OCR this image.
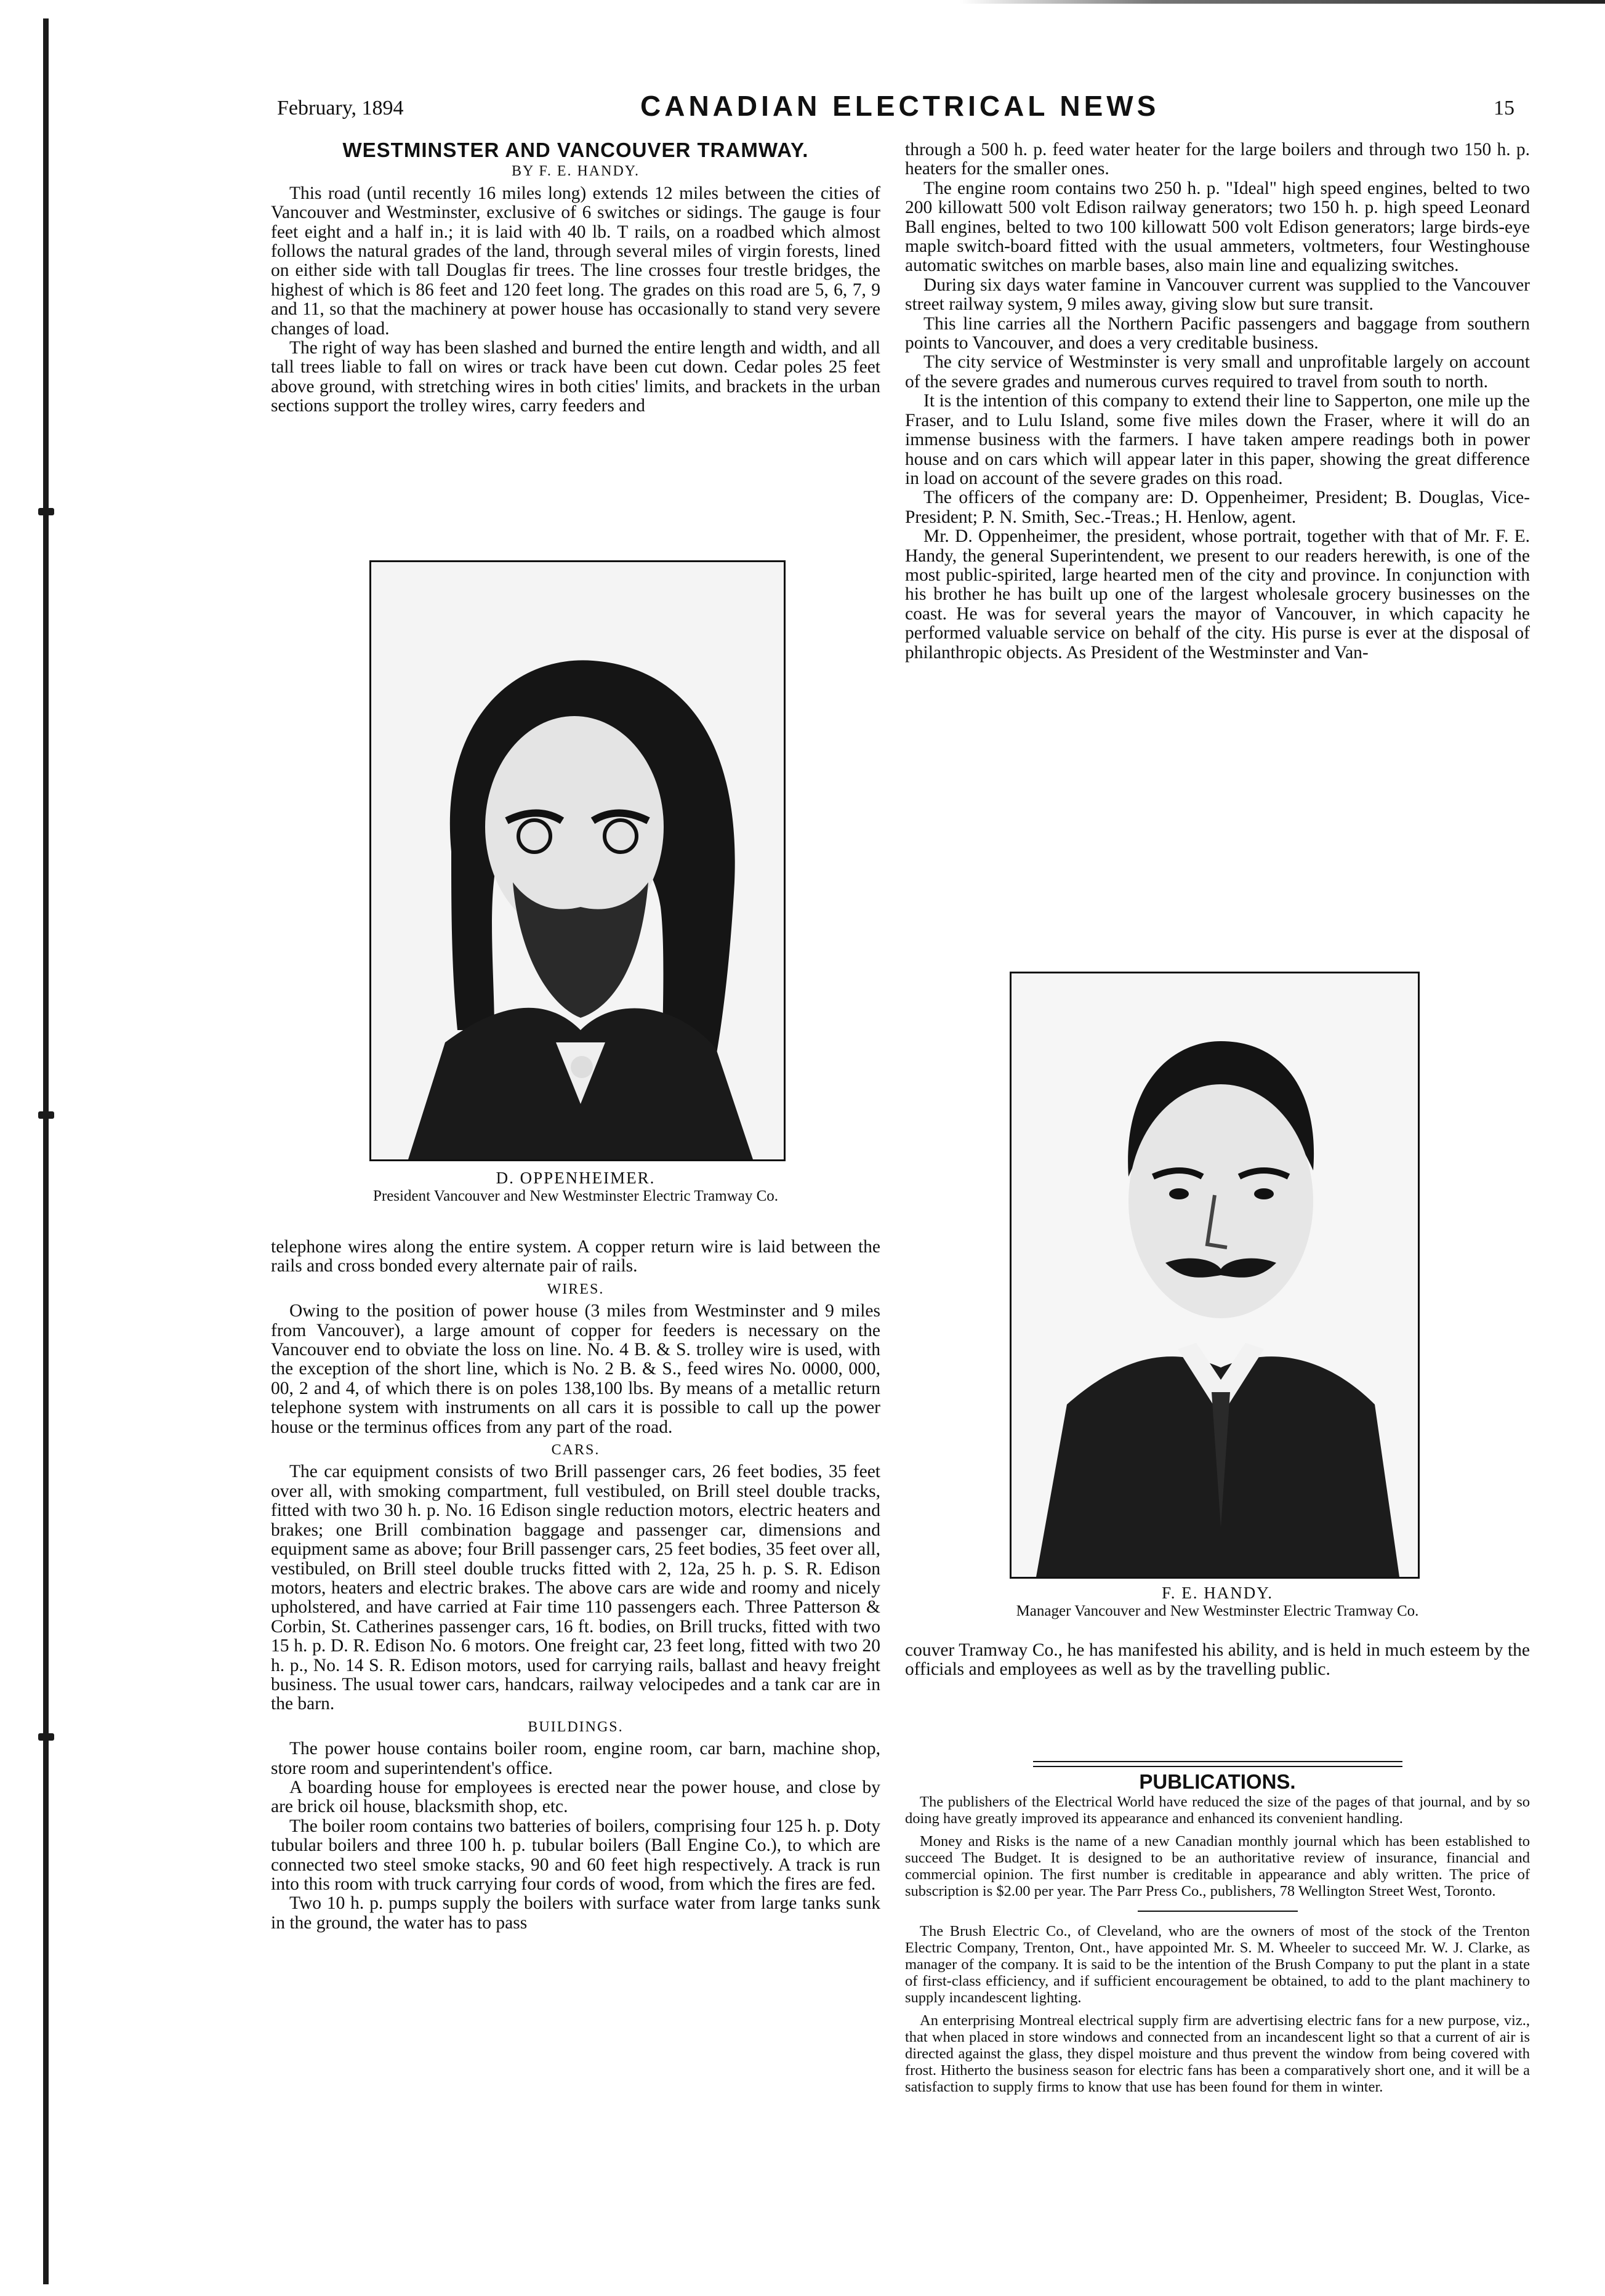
February, 1894	CANADIAN ELECTRICAL NEWS	15
WESTMINSTER AND VANCOUVER TRAMWAY.
BY F. E. HANDY.

This road (until recently 16 miles long) extends 12 miles between the cities of Vancouver and Westminster, exclusive of 6 switches or sidings. The gauge is four feet eight and a half in.; it is laid with 40 lb. T rails, on a roadbed which almost follows the natural grades of the land, through several miles of virgin forests, lined on either side with tall Douglas fir trees. The line crosses four trestle bridges, the highest of which is 86 feet and 120 feet long. The grades on this road are 5, 6, 7, 9 and 11, so that the machinery at power house has occasionally to stand very severe changes of load.

The right of way has been slashed and burned the entire length and width, and all tall trees liable to fall on wires or track have been cut down. Cedar poles 25 feet above ground, with stretching wires in both cities' limits, and brackets in the urban sections support the trolley wires, carry feeders and

D. OPPENHEIMER.
President Vancouver and New Westminster Electric Tramway Co.

telephone wires along the entire system. A copper return wire is laid between the rails and cross bonded every alternate pair of rails.

WIRES.

Owing to the position of power house (3 miles from Westminster and 9 miles from Vancouver), a large amount of copper for feeders is necessary on the Vancouver end to obviate the loss on line. No. 4 B. & S. trolley wire is used, with the exception of the short line, which is No. 2 B. & S., feed wires No. 0000, 000, 00, 2 and 4, of which there is on poles 138,100 lbs. By means of a metallic return telephone system with instruments on all cars it is possible to call up the power house or the terminus offices from any part of the road.

CARS.

The car equipment consists of two Brill passenger cars, 26 feet bodies, 35 feet over all, with smoking compartment, full vestibuled, on Brill steel double tracks, fitted with two 30 h. p. No. 16 Edison single reduction motors, electric heaters and brakes; one Brill combination baggage and passenger car, dimensions and equipment same as above; four Brill passenger cars, 25 feet bodies, 35 feet over all, vestibuled, on Brill steel double trucks fitted with 2, 12a, 25 h. p. S. R. Edison motors, heaters and electric brakes. The above cars are wide and roomy and nicely upholstered, and have carried at Fair time 110 passengers each. Three Patterson & Corbin, St. Catherines passenger cars, 16 ft. bodies, on Brill trucks, fitted with two 15 h. p. D. R. Edison No. 6 motors. One freight car, 23 feet long, fitted with two 20 h. p., No. 14 S. R. Edison motors, used for carrying rails, ballast and heavy freight business. The usual tower cars, handcars, railway velocipedes and a tank car are in the barn.

BUILDINGS.

The power house contains boiler room, engine room, car barn, machine shop, store room and superintendent's office.

A boarding house for employees is erected near the power house, and close by are brick oil house, blacksmith shop, etc.

The boiler room contains two batteries of boilers, comprising four 125 h. p. Doty tubular boilers and three 100 h. p. tubular boilers (Ball Engine Co.), to which are connected two steel smoke stacks, 90 and 60 feet high respectively. A track is run into this room with truck carrying four cords of wood, from which the fires are fed.

Two 10 h. p. pumps supply the boilers with surface water from large tanks sunk in the ground, the water has to pass

through a 500 h. p. feed water heater for the large boilers and through two 150 h. p. heaters for the smaller ones.

The engine room contains two 250 h. p. "Ideal" high speed engines, belted to two 200 killowatt 500 volt Edison railway generators; two 150 h. p. high speed Leonard Ball engines, belted to two 100 killowatt 500 volt Edison generators; large birds-eye maple switch-board fitted with the usual ammeters, voltmeters, four Westinghouse automatic switches on marble bases, also main line and equalizing switches.

During six days water famine in Vancouver current was supplied to the Vancouver street railway system, 9 miles away, giving slow but sure transit.

This line carries all the Northern Pacific passengers and baggage from southern points to Vancouver, and does a very creditable business.

The city service of Westminster is very small and unprofitable largely on account of the severe grades and numerous curves required to travel from south to north.

It is the intention of this company to extend their line to Sapperton, one mile up the Fraser, and to Lulu Island, some five miles down the Fraser, where it will do an immense business with the farmers. I have taken ampere readings both in power house and on cars which will appear later in this paper, showing the great difference in load on account of the severe grades on this road.

The officers of the company are: D. Oppenheimer, President; B. Douglas, Vice-President; P. N. Smith, Sec.-Treas.; H. Henlow, agent.

Mr. D. Oppenheimer, the president, whose portrait, together with that of Mr. F. E. Handy, the general Superintendent, we present to our readers herewith, is one of the most public-spirited, large hearted men of the city and province. In conjunction with his brother he has built up one of the largest wholesale grocery businesses on the coast. He was for several years the mayor of Vancouver, in which capacity he performed valuable service on behalf of the city. His purse is ever at the disposal of philanthropic objects. As President of the Westminster and Van-

F. E. HANDY.
Manager Vancouver and New Westminster Electric Tramway Co.

couver Tramway Co., he has manifested his ability, and is held in much esteem by the officials and employees as well as by the travelling public.

PUBLICATIONS.

The publishers of the Electrical World have reduced the size of the pages of that journal, and by so doing have greatly improved its appearance and enhanced its convenient handling.

Money and Risks is the name of a new Canadian monthly journal which has been established to succeed The Budget. It is designed to be an authoritative review of insurance, financial and commercial opinion. The first number is creditable in appearance and ably written. The price of subscription is $2.00 per year. The Parr Press Co., publishers, 78 Wellington Street West, Toronto.

The Brush Electric Co., of Cleveland, who are the owners of most of the stock of the Trenton Electric Company, Trenton, Ont., have appointed Mr. S. M. Wheeler to succeed Mr. W. J. Clarke, as manager of the company. It is said to be the intention of the Brush Company to put the plant in a state of first-class efficiency, and if sufficient encouragement be obtained, to add to the plant machinery to supply incandescent lighting.

An enterprising Montreal electrical supply firm are advertising electric fans for a new purpose, viz., that when placed in store windows and connected from an incandescent light so that a current of air is directed against the glass, they dispel moisture and thus prevent the window from being covered with frost. Hitherto the business season for electric fans has been a comparatively short one, and it will be a satisfaction to supply firms to know that use has been found for them in winter.
